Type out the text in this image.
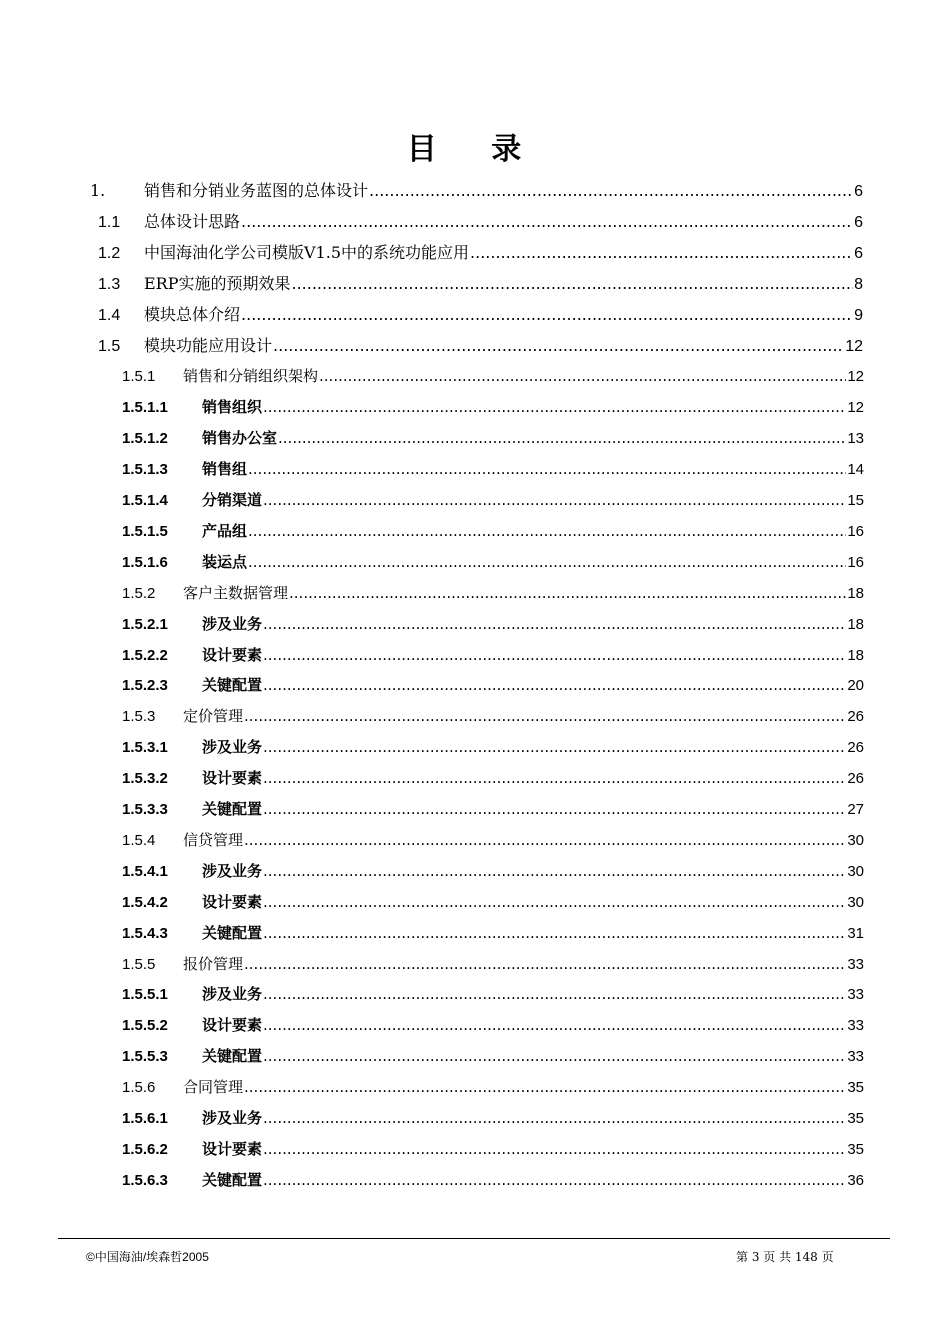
目 录
1.	销售和分销业务蓝图的总体设计 .....	6
1.1	总体设计思路 .....	6
1.2	中国海油化学公司模版V1.5中的系统功能应用 .....	6
1.3	ERP实施的预期效果 .....	8
1.4	模块总体介绍 .....	9
1.5	模块功能应用设计 .....	12
1.5.1	销售和分销组织架构 .....	12
1.5.1.1	销售组织 .....	12
1.5.1.2	销售办公室 .....	13
1.5.1.3	销售组 .....	14
1.5.1.4	分销渠道 .....	15
1.5.1.5	产品组 .....	16
1.5.1.6	装运点 .....	16
1.5.2	客户主数据管理 .....	18
1.5.2.1	涉及业务 .....	18
1.5.2.2	设计要素 .....	18
1.5.2.3	关键配置 .....	20
1.5.3	定价管理 .....	26
1.5.3.1	涉及业务 .....	26
1.5.3.2	设计要素 .....	26
1.5.3.3	关键配置 .....	27
1.5.4	信贷管理 .....	30
1.5.4.1	涉及业务 .....	30
1.5.4.2	设计要素 .....	30
1.5.4.3	关键配置 .....	31
1.5.5	报价管理 .....	33
1.5.5.1	涉及业务 .....	33
1.5.5.2	设计要素 .....	33
1.5.5.3	关键配置 .....	33
1.5.6	合同管理 .....	35
1.5.6.1	涉及业务 .....	35
1.5.6.2	设计要素 .....	35
1.5.6.3	关键配置 .....	36
©中国海油/埃森哲2005	第 3 页 共 148 页
